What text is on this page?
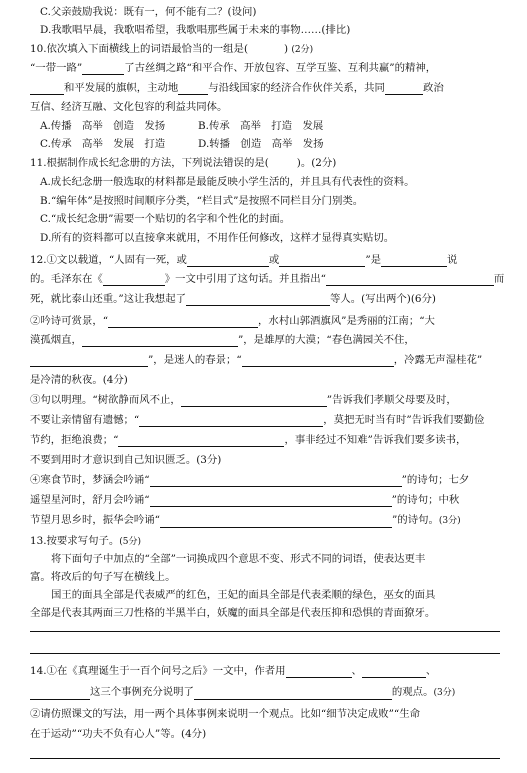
C.父亲鼓励我说：既有一，何不能有二？(设问)
D.我歌唱早晨，我歌唱希望，我歌唱那些属于未来的事物……(排比)
10.依次填入下面横线上的词语最恰当的一组是(	) (2分)
“一带一路”	了古丝绸之路“和平合作、开放包容、互学互鉴、互利共赢”的精神，
和平发展的旗帜，主动地	与沿线国家的经济合作伙伴关系，共同	政治
互信、经济互融、文化包容的利益共同体。
A.传播　高举　创造　发扬	B.传承　高举　打造　发展
C.传承　高举　发展　打造	D.转播　创造　高举　发扬
11.根据制作成长纪念册的方法，下列说法错误的是(	)。(2分)
A.成长纪念册一般选取的材料都是最能反映小学生活的，并且具有代表性的资料。
B.“编年体”是按照时间顺序分类，“栏目式”是按照不同栏目分门别类。
C.“成长纪念册”需要一个贴切的名字和个性化的封面。
D.所有的资料都可以直接拿来就用，不用作任何修改，这样才显得真实贴切。
12.①文以载道，“人固有一死，或	或	”是	说
的。毛泽东在《	》一文中引用了这句话。并且指出“	而
死，就比泰山还重。”这让我想起了	等人。(写出两个)(6分)
②吟诗可赏景，“	，水村山郭酒旗风”是秀丽的江南；“大
漠孤烟直，	”，是雄厚的大漠；“春色满园关不住，
”，是迷人的春景；“	，冷露无声湿桂花”
是冷清的秋夜。(4分)
③句以明理。“树欲静而风不止，	”告诉我们孝顺父母要及时，
不要让亲情留有遗憾；“	，莫把无时当有时”告诉我们要勤俭
节约，拒绝浪费；“	，事非经过不知难”告诉我们要多读书，
不要到用时才意识到自己知识匮乏。(3分)
④寒食节时，梦涵会吟诵“	”的诗句；七夕
遥望星河时，舒月会吟诵“	”的诗句；中秋
节望月思乡时，振华会吟诵“	”的诗句。(3分)
13.按要求写句子。(5分)
将下面句子中加点的“全部”一词换成四个意思不变、形式不同的词语，使表达更丰
富。将改后的句子写在横线上。
国王的面具全部是代表威严的红色，王妃的面具全部是代表柔顺的绿色，巫女的面具
全部是代表其两面三刀性格的半黑半白，妖魔的面具全部是代表压抑和恐惧的青面獠牙。
14.①在《真理诞生于一百个问号之后》一文中，作者用	、	、
这三个事例充分说明了	的观点。(3分)
②请仿照课文的写法，用一两个具体事例来说明一个观点。比如“细节决定成败”“生命
在于运动”“功夫不负有心人”等。(4分)
